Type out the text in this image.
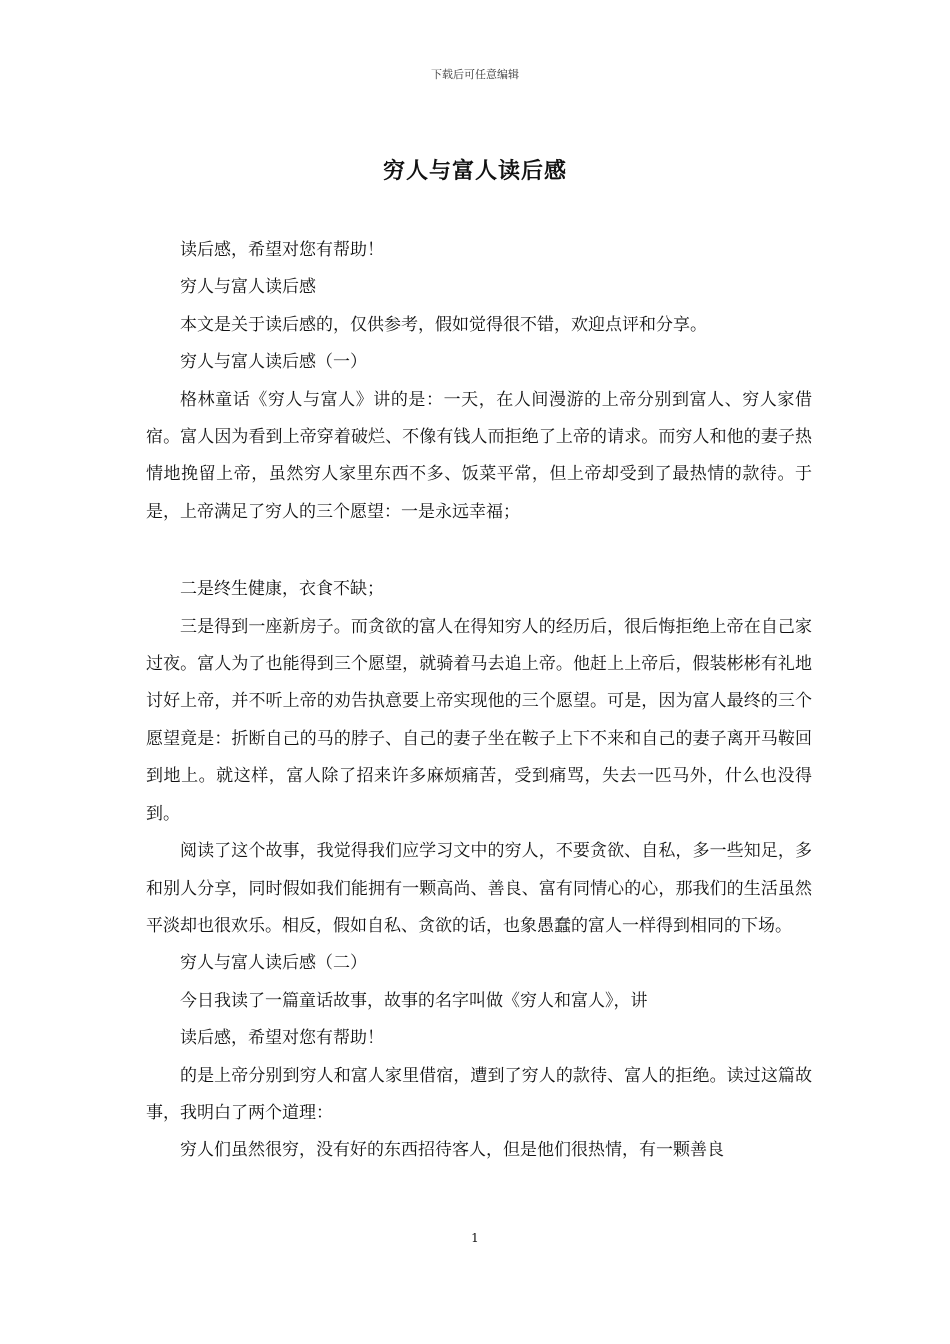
下载后可任意编辑
穷人与富人读后感

读后感，希望对您有帮助！

穷人与富人读后感

本文是关于读后感的，仅供参考，假如觉得很不错，欢迎点评和分享。

穷人与富人读后感（一）

格林童话《穷人与富人》讲的是：一天，在人间漫游的上帝分别到富人、穷人家借宿。富人因为看到上帝穿着破烂、不像有钱人而拒绝了上帝的请求。而穷人和他的妻子热情地挽留上帝，虽然穷人家里东西不多、饭菜平常，但上帝却受到了最热情的款待。于是，上帝满足了穷人的三个愿望：一是永远幸福；

二是终生健康，衣食不缺；

三是得到一座新房子。而贪欲的富人在得知穷人的经历后，很后悔拒绝上帝在自己家过夜。富人为了也能得到三个愿望，就骑着马去追上帝。他赶上上帝后，假装彬彬有礼地讨好上帝，并不听上帝的劝告执意要上帝实现他的三个愿望。可是，因为富人最终的三个愿望竟是：折断自己的马的脖子、自己的妻子坐在鞍子上下不来和自己的妻子离开马鞍回到地上。就这样，富人除了招来许多麻烦痛苦，受到痛骂，失去一匹马外，什么也没得到。

阅读了这个故事，我觉得我们应学习文中的穷人，不要贪欲、自私，多一些知足，多和别人分享，同时假如我们能拥有一颗高尚、善良、富有同情心的心，那我们的生活虽然平淡却也很欢乐。相反，假如自私、贪欲的话，也象愚蠢的富人一样得到相同的下场。

穷人与富人读后感（二）

今日我读了一篇童话故事，故事的名字叫做《穷人和富人》，讲

读后感，希望对您有帮助！

的是上帝分别到穷人和富人家里借宿，遭到了穷人的款待、富人的拒绝。读过这篇故事，我明白了两个道理：

穷人们虽然很穷，没有好的东西招待客人，但是他们很热情，有一颗善良

1
